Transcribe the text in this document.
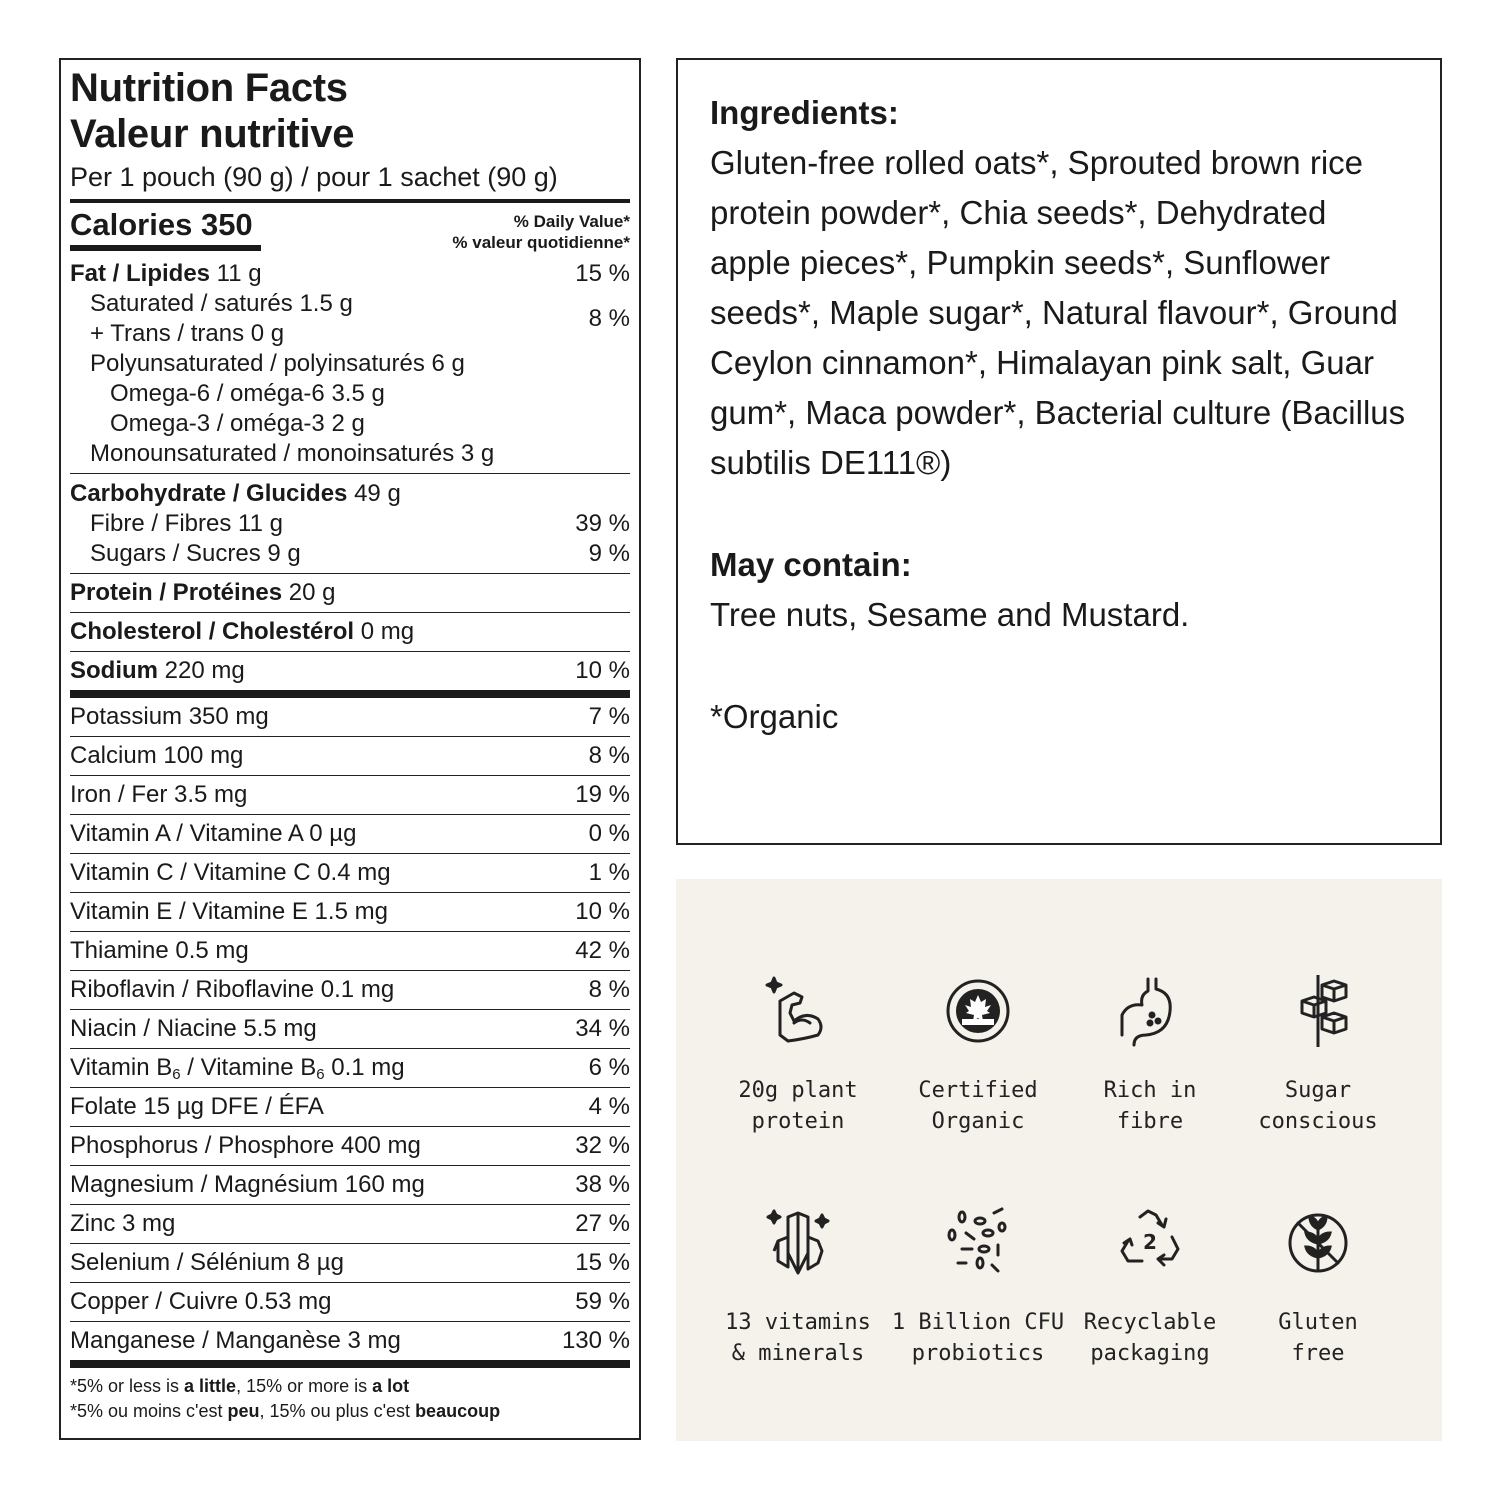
Nutrition Facts
Valeur nutritive
Per 1 pouch (90 g) / pour 1 sachet (90 g)
Calories 350	% Daily Value*
% valeur quotidienne*
Fat / Lipides 11 g	15 %
Saturated / saturés 1.5 g
+ Trans / trans 0 g
8 %
Polyunsaturated / polyinsaturés 6 g
Omega-6 / oméga-6 3.5 g
Omega-3 / oméga-3 2 g
Monounsaturated / monoinsaturés 3 g
Carbohydrate / Glucides 49 g
Fibre / Fibres 11 g	39 %
Sugars / Sucres 9 g	9 %
Protein / Protéines 20 g
Cholesterol / Cholestérol 0 mg
Sodium 220 mg	10 %
Potassium 350 mg	7 %
Calcium 100 mg	8 %
Iron / Fer 3.5 mg	19 %
Vitamin A / Vitamine A 0 µg	0 %
Vitamin C / Vitamine C 0.4 mg	1 %
Vitamin E / Vitamine E 1.5 mg	10 %
Thiamine 0.5 mg	42 %
Riboflavin / Riboflavine 0.1 mg	8 %
Niacin / Niacine 5.5 mg	34 %
Vitamin $B_6$ / Vitamine $B_6$ 0.1 mg	6 %
Folate 15 µg DFE / ÉFA	4 %
Phosphorus / Phosphore 400 mg	32 %
Magnesium / Magnésium 160 mg	38 %
Zinc 3 mg	27 %
Selenium / Sélénium 8 µg	15 %
Copper / Cuivre 0.53 mg	59 %
Manganese / Manganèse 3 mg	130 %
*5% or less is a little, 15% or more is a lot
*5% ou moins c'est peu, 15% ou plus c'est beaucoup
Ingredients:

Gluten-free rolled oats*, Sprouted brown rice protein powder*, Chia seeds*, Dehydrated apple pieces*, Pumpkin seeds*, Sunflower seeds*, Maple sugar*, Natural flavour*, Ground Ceylon cinnamon*, Himalayan pink salt, Guar gum*, Maca powder*, Bacterial culture (Bacillus subtilis DE111®)

May contain:

Tree nuts, Sesame and Mustard.

*Organic

20g plant
protein
Certified
Organic
Rich in
fibre
Sugar
conscious
13 vitamins
& minerals
1 Billion CFU
probiotics
2
Recyclable
packaging
Gluten
free
